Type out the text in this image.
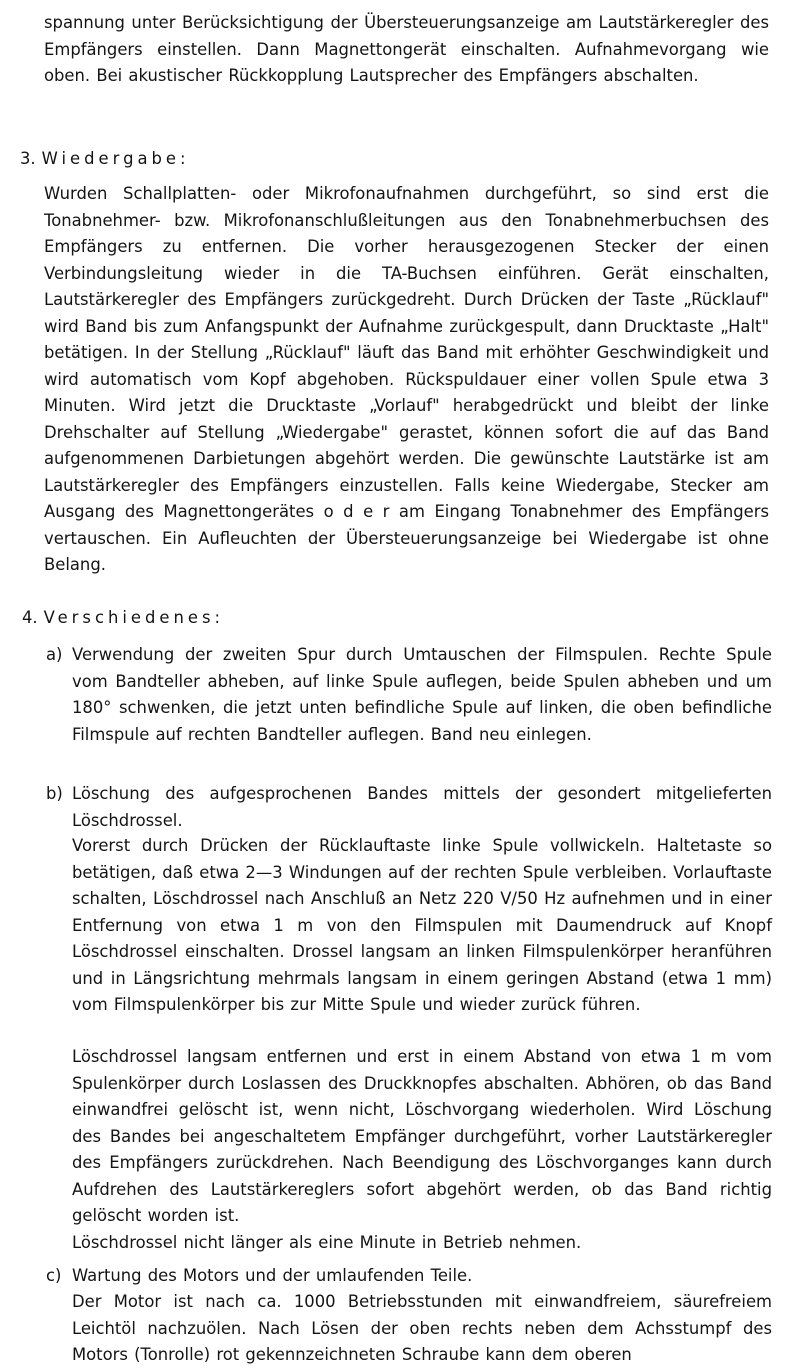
spannung unter Berücksichtigung der Übersteuerungsanzeige am Lautstärkeregler des Empfängers einstellen. Dann Magnettongerät einschalten. Aufnahmevorgang wie oben. Bei akustischer Rückkopplung Lautsprecher des Empfängers abschalten.

3. Wiedergabe:

Wurden Schallplatten- oder Mikrofonaufnahmen durchgeführt, so sind erst die Tonabnehmer- bzw. Mikrofonanschlußleitungen aus den Tonabnehmerbuchsen des Empfängers zu entfernen. Die vorher herausgezogenen Stecker der einen Verbindungsleitung wieder in die TA-Buchsen einführen. Gerät einschalten, Lautstärkeregler des Empfängers zurückgedreht. Durch Drücken der Taste „Rücklauf" wird Band bis zum Anfangspunkt der Aufnahme zurückgespult, dann Drucktaste „Halt" betätigen. In der Stellung „Rücklauf" läuft das Band mit erhöhter Geschwindigkeit und wird automatisch vom Kopf abgehoben. Rückspuldauer einer vollen Spule etwa 3 Minuten. Wird jetzt die Drucktaste „Vorlauf" herabgedrückt und bleibt der linke Drehschalter auf Stellung „Wiedergabe" gerastet, können sofort die auf das Band aufgenommenen Darbietungen abgehört werden. Die gewünschte Lautstärke ist am Lautstärkeregler des Empfängers einzustellen. Falls keine Wiedergabe, Stecker am Ausgang des Magnettongerätes o d e r am Eingang Tonabnehmer des Empfängers vertauschen. Ein Aufleuchten der Übersteuerungsanzeige bei Wiedergabe ist ohne Belang.

4. Verschiedenes:
a) Verwendung der zweiten Spur durch Umtauschen der Filmspulen. Rechte Spule vom Bandteller abheben, auf linke Spule auflegen, beide Spulen abheben und um 180° schwenken, die jetzt unten befindliche Spule auf linken, die oben befindliche Filmspule auf rechten Bandteller auflegen. Band neu einlegen.

b) Löschung des aufgesprochenen Bandes mittels der gesondert mitgelieferten Löschdrossel.

Vorerst durch Drücken der Rücklauftaste linke Spule vollwickeln. Haltetaste so betätigen, daß etwa 2—3 Windungen auf der rechten Spule verbleiben. Vorlauftaste schalten, Löschdrossel nach Anschluß an Netz 220 V/50 Hz aufnehmen und in einer Entfernung von etwa 1 m von den Filmspulen mit Daumendruck auf Knopf Löschdrossel einschalten. Drossel langsam an linken Filmspulenkörper heranführen und in Längsrichtung mehrmals langsam in einem geringen Abstand (etwa 1 mm) vom Filmspulenkörper bis zur Mitte Spule und wieder zurück führen.

Löschdrossel langsam entfernen und erst in einem Abstand von etwa 1 m vom Spulenkörper durch Loslassen des Druckknopfes abschalten. Abhören, ob das Band einwandfrei gelöscht ist, wenn nicht, Löschvorgang wiederholen. Wird Löschung des Bandes bei angeschaltetem Empfänger durchgeführt, vorher Lautstärkeregler des Empfängers zurückdrehen. Nach Beendigung des Löschvorganges kann durch Aufdrehen des Lautstärkereglers sofort abgehört werden, ob das Band richtig gelöscht worden ist.

Löschdrossel nicht länger als eine Minute in Betrieb nehmen.

c) Wartung des Motors und der umlaufenden Teile.

Der Motor ist nach ca. 1000 Betriebsstunden mit einwandfreiem, säurefreiem Leichtöl nachzuölen. Nach Lösen der oben rechts neben dem Achsstumpf des Motors (Tonrolle) rot gekennzeichneten Schraube kann dem oberen
